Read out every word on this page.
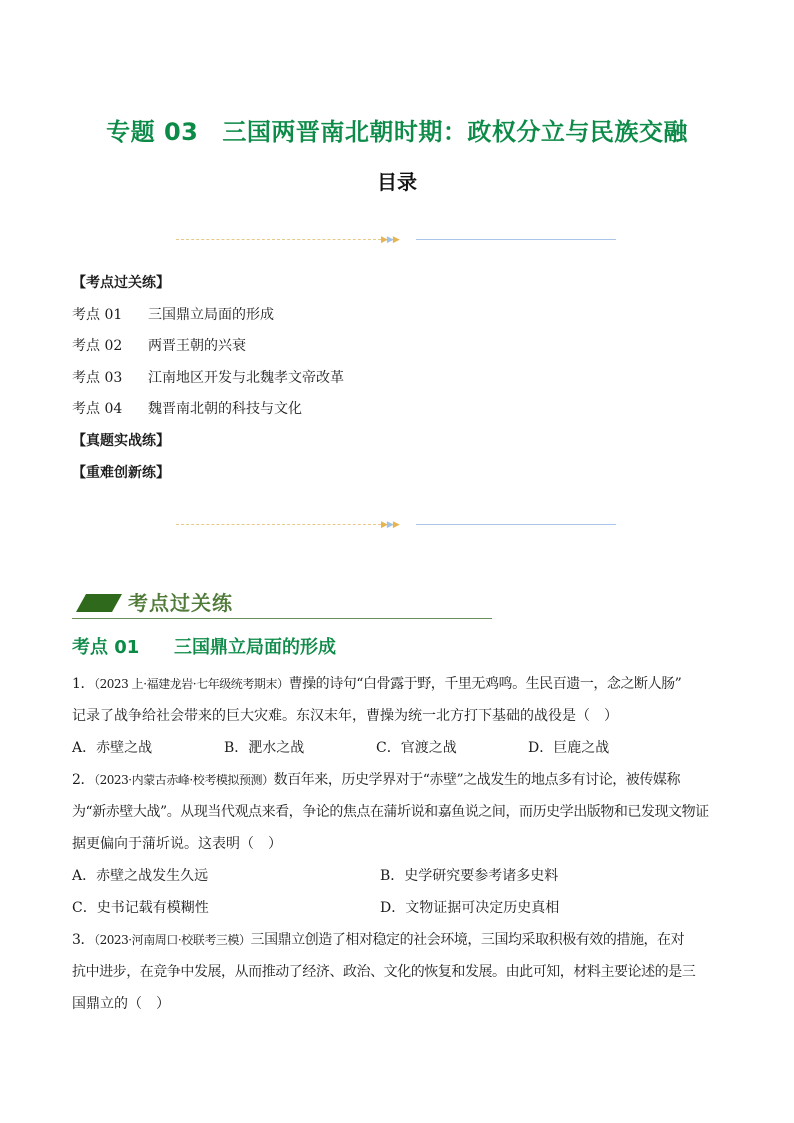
专题 03 三国两晋南北朝时期：政权分立与民族交融
目录
▶▶▶
【考点过关练】
考点 01 三国鼎立局面的形成
考点 02 两晋王朝的兴衰
考点 03 江南地区开发与北魏孝文帝改革
考点 04 魏晋南北朝的科技与文化
【真题实战练】
【重难创新练】
▶▶▶
考点过关练
考点 01 三国鼎立局面的形成
1．（2023 上·福建龙岩·七年级统考期末）曹操的诗句“白骨露于野，千里无鸡鸣。生民百遗一，念之断人肠”
记录了战争给社会带来的巨大灾难。东汉末年，曹操为统一北方打下基础的战役是（　）
A．赤壁之战	B．淝水之战	C．官渡之战	D．巨鹿之战
2．（2023·内蒙古赤峰·校考模拟预测）数百年来，历史学界对于“赤壁”之战发生的地点多有讨论，被传媒称
为“新赤壁大战”。从现当代观点来看，争论的焦点在蒲圻说和嘉鱼说之间，而历史学出版物和已发现文物证
据更偏向于蒲圻说。这表明（　）
A．赤壁之战发生久远	B．史学研究要参考诸多史料
C．史书记载有模糊性	D．文物证据可决定历史真相
3．（2023·河南周口·校联考三模）三国鼎立创造了相对稳定的社会环境，三国均采取积极有效的措施，在对
抗中进步，在竞争中发展，从而推动了经济、政治、文化的恢复和发展。由此可知，材料主要论述的是三
国鼎立的（　）
